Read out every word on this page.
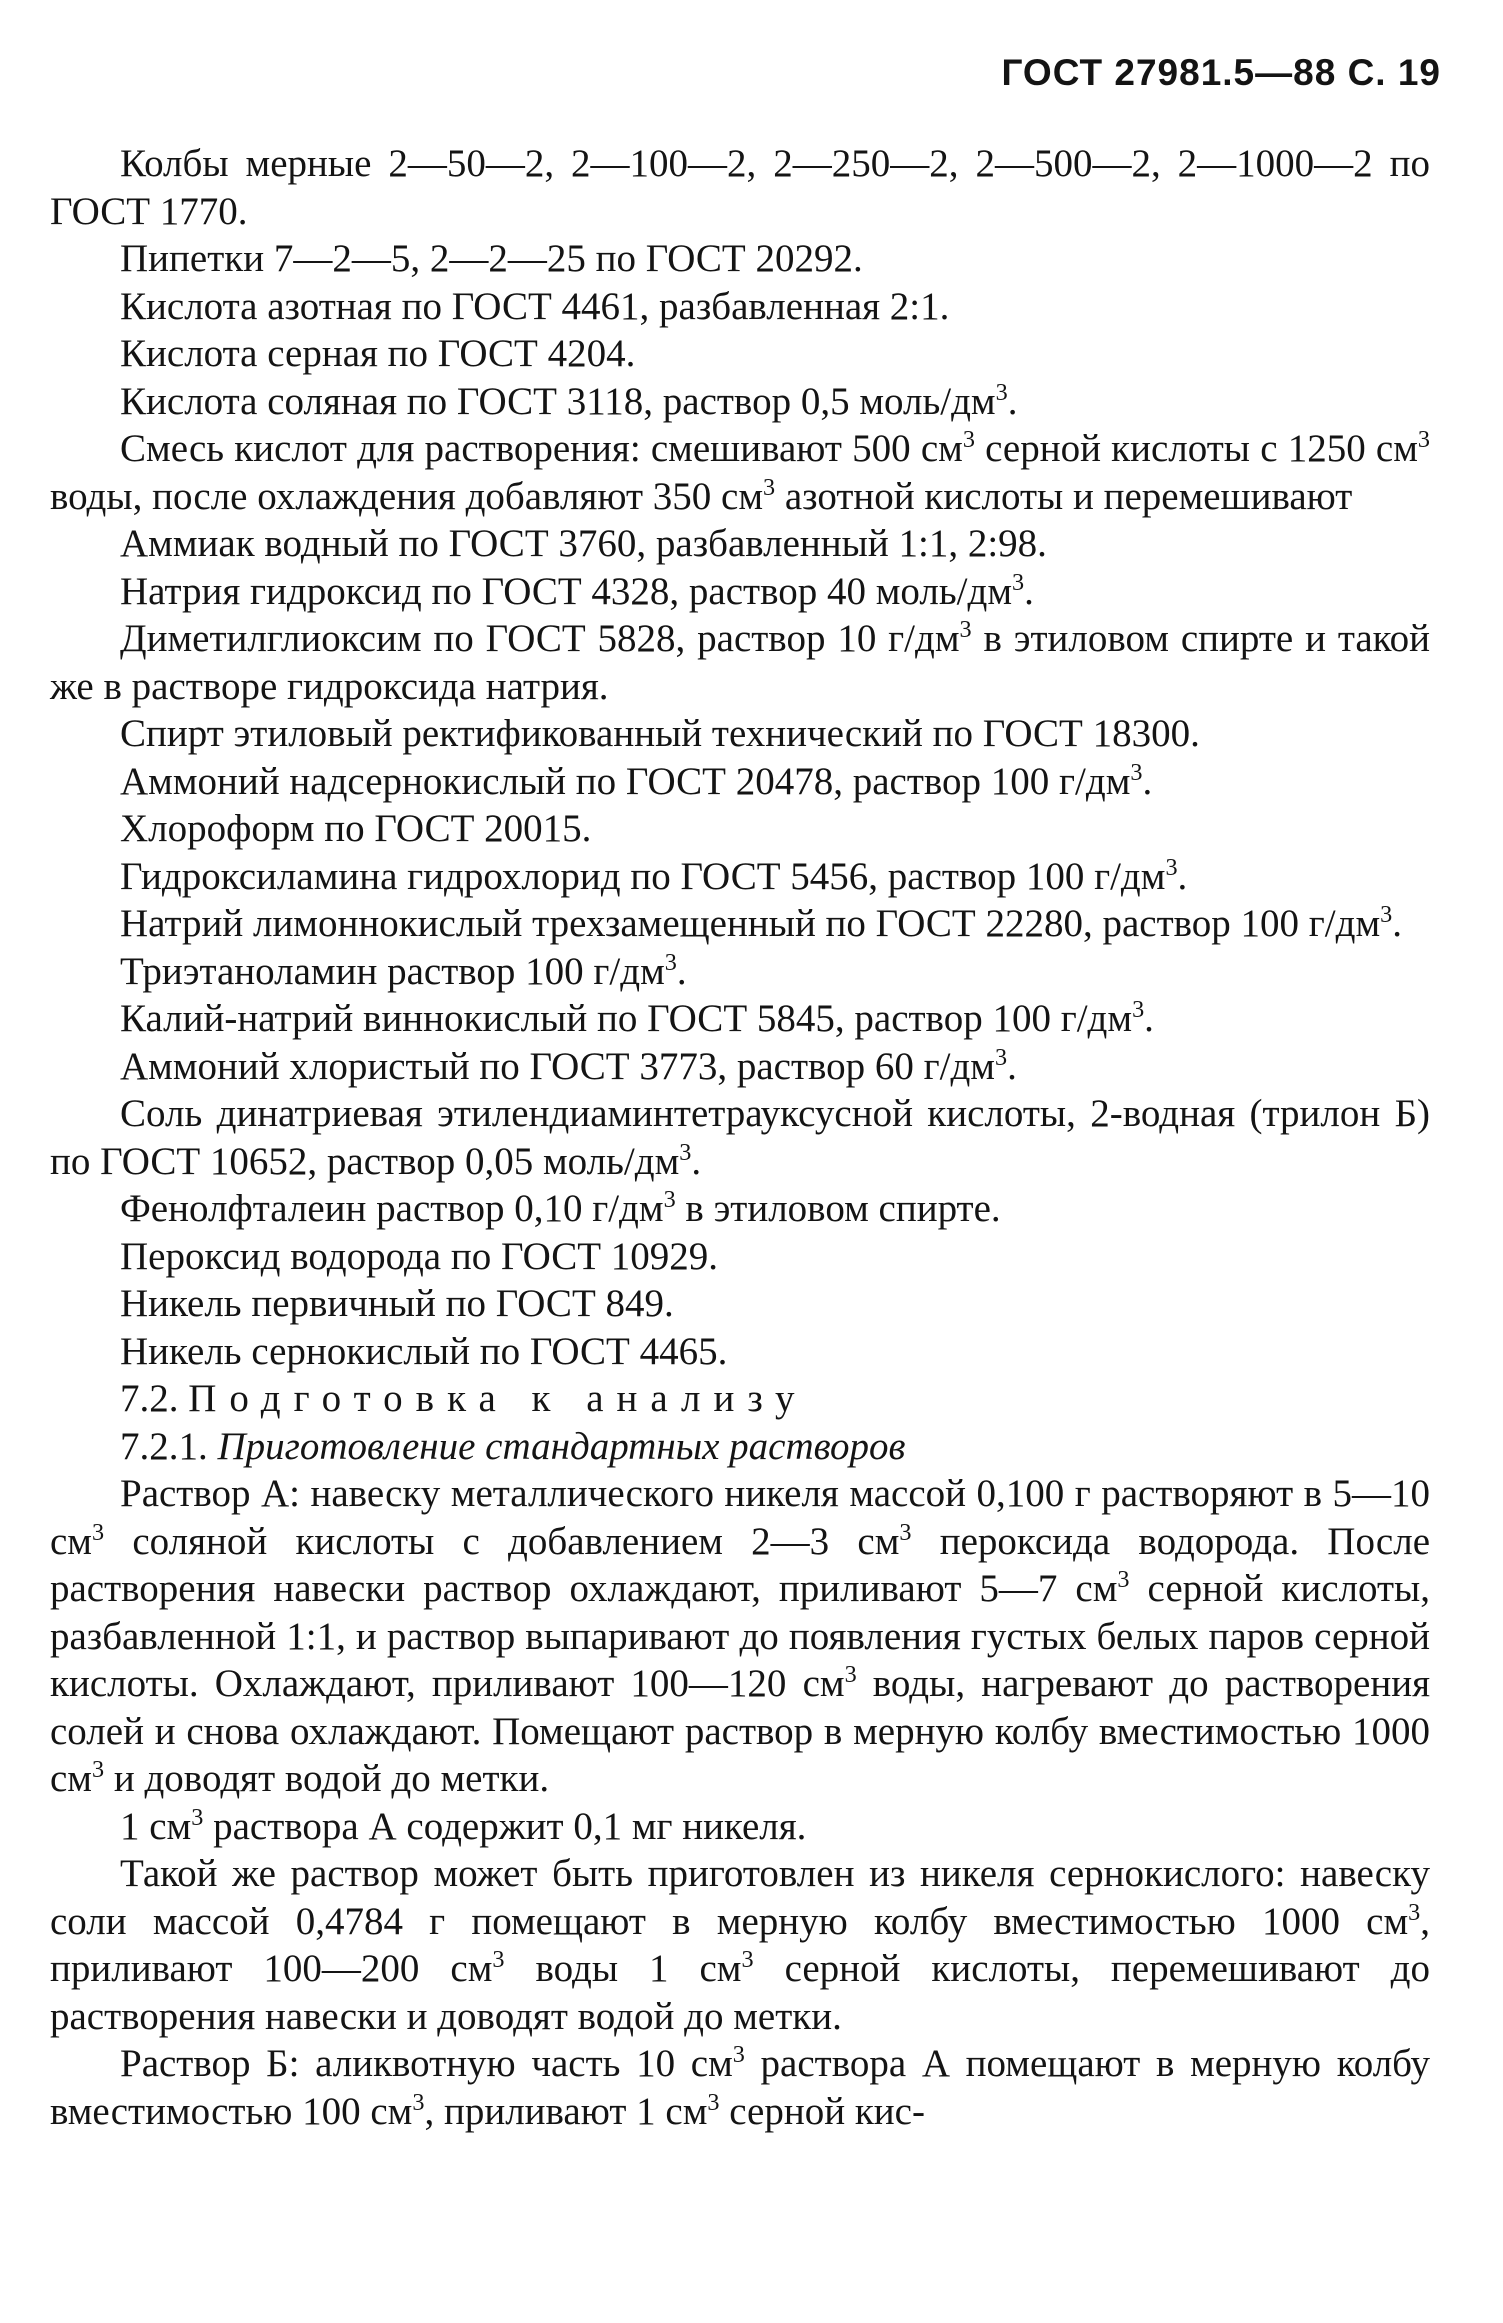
ГОСТ 27981.5—88 С. 19

Колбы мерные 2—50—2, 2—100—2, 2—250—2, 2—500—2, 2—1000—2 по ГОСТ 1770.

Пипетки 7—2—5, 2—2—25 по ГОСТ 20292.

Кислота азотная по ГОСТ 4461, разбавленная 2:1.

Кислота серная по ГОСТ 4204.

Кислота соляная по ГОСТ 3118, раствор 0,5 моль/$дм^3$.

Смесь кислот для растворения: смешивают 500 $см^3$ серной кислоты с 1250 $см^3$ воды, после охлаждения добавляют 350 $см^3$ азотной кислоты и перемешивают

Аммиак водный по ГОСТ 3760, разбавленный 1:1, 2:98.

Натрия гидроксид по ГОСТ 4328, раствор 40 моль/$дм^3$.

Диметилглиоксим по ГОСТ 5828, раствор 10 $г/дм^3$ в этиловом спирте и такой же в растворе гидроксида натрия.

Спирт этиловый ректификованный технический по ГОСТ 18300.

Аммоний надсернокислый по ГОСТ 20478, раствор 100 $г/дм^3$.

Хлороформ по ГОСТ 20015.

Гидроксиламина гидрохлорид по ГОСТ 5456, раствор 100 $г/дм^3$.

Натрий лимоннокислый трехзамещенный по ГОСТ 22280, раствор 100 $г/дм^3$.

Триэтаноламин раствор 100 $г/дм^3$.

Калий-натрий виннокислый по ГОСТ 5845, раствор 100 $г/дм^3$.

Аммоний хлористый по ГОСТ 3773, раствор 60 $г/дм^3$.

Соль динатриевая этилендиаминтетрауксусной кислоты, 2-водная (трилон Б) по ГОСТ 10652, раствор 0,05 моль/$дм^3$.

Фенолфталеин раствор 0,10 $г/дм^3$ в этиловом спирте.

Пероксид водорода по ГОСТ 10929.

Никель первичный по ГОСТ 849.

Никель сернокислый по ГОСТ 4465.

7.2. Подготовка к анализу

7.2.1. Приготовление стандартных растворов

Раствор А: навеску металлического никеля массой 0,100 г растворяют в 5—10 $см^3$ соляной кислоты с добавлением 2—3 $см^3$ пероксида водорода. После растворения навески раствор охлаждают, приливают 5—7 $см^3$ серной кислоты, разбавленной 1:1, и раствор выпаривают до появления густых белых паров серной кислоты. Охлаждают, приливают 100—120 $см^3$ воды, нагревают до растворения солей и снова охлаждают. Помещают раствор в мерную колбу вместимостью 1000 $см^3$ и доводят водой до метки.

1 $см^3$ раствора А содержит 0,1 мг никеля.

Такой же раствор может быть приготовлен из никеля сернокислого: навеску соли массой 0,4784 г помещают в мерную колбу вместимостью 1000 $см^3$, приливают 100—200 $см^3$ воды 1 $см^3$ серной кислоты, перемешивают до растворения навески и доводят водой до метки.

Раствор Б: аликвотную часть 10 $см^3$ раствора А помещают в мерную колбу вместимостью 100 $см^3$, приливают 1 $см^3$ серной кис-
